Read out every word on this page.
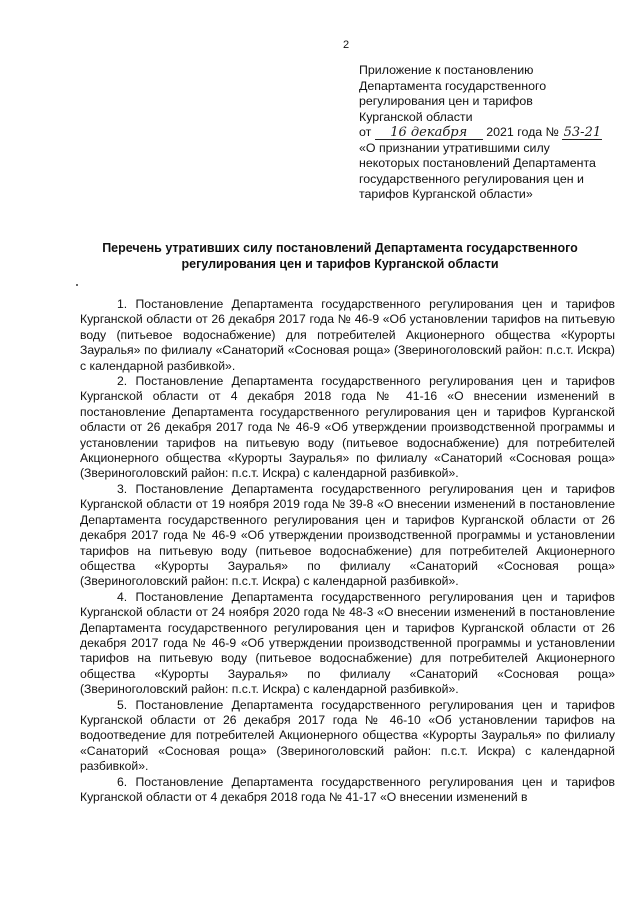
2
Приложение к постановлению
Департамента государственного
регулирования цен и тарифов
Курганской области
от 16 декабря 2021 года № 53-21
«О признании утратившими силу
некоторых постановлений Департамента
государственного регулирования цен и
тарифов Курганской области»
Перечень утративших силу постановлений Департамента государственного
регулирования цен и тарифов Курганской области

1. Постановление Департамента государственного регулирования цен и тарифов Курганской области от 26 декабря 2017 года № 46-9 «Об установлении тарифов на питьевую воду (питьевое водоснабжение) для потребителей Акционерного общества «Курорты Зауралья» по филиалу «Санаторий «Сосновая роща» (Звериноголовский район: п.с.т. Искра) с календарной разбивкой».

2. Постановление Департамента государственного регулирования цен и тарифов Курганской области от 4 декабря 2018 года № 41-16 «О внесении изменений в постановление Департамента государственного регулирования цен и тарифов Курганской области от 26 декабря 2017 года № 46-9 «Об утверждении производственной программы и установлении тарифов на питьевую воду (питьевое водоснабжение) для потребителей Акционерного общества «Курорты Зауралья» по филиалу «Санаторий «Сосновая роща» (Звериноголовский район: п.с.т. Искра) с календарной разбивкой».

3. Постановление Департамента государственного регулирования цен и тарифов Курганской области от 19 ноября 2019 года № 39-8 «О внесении изменений в постановление Департамента государственного регулирования цен и тарифов Курганской области от 26 декабря 2017 года № 46-9 «Об утверждении производственной программы и установлении тарифов на питьевую воду (питьевое водоснабжение) для потребителей Акционерного общества «Курорты Зауралья» по филиалу «Санаторий «Сосновая роща» (Звериноголовский район: п.с.т. Искра) с календарной разбивкой».

4. Постановление Департамента государственного регулирования цен и тарифов Курганской области от 24 ноября 2020 года № 48-3 «О внесении изменений в постановление Департамента государственного регулирования цен и тарифов Курганской области от 26 декабря 2017 года № 46-9 «Об утверждении производственной программы и установлении тарифов на питьевую воду (питьевое водоснабжение) для потребителей Акционерного общества «Курорты Зауралья» по филиалу «Санаторий «Сосновая роща» (Звериноголовский район: п.с.т. Искра) с календарной разбивкой».

5. Постановление Департамента государственного регулирования цен и тарифов Курганской области от 26 декабря 2017 года № 46-10 «Об установлении тарифов на водоотведение для потребителей Акционерного общества «Курорты Зауралья» по филиалу «Санаторий «Сосновая роща» (Звериноголовский район: п.с.т. Искра) с календарной разбивкой».

6. Постановление Департамента государственного регулирования цен и тарифов Курганской области от 4 декабря 2018 года № 41-17 «О внесении изменений в
